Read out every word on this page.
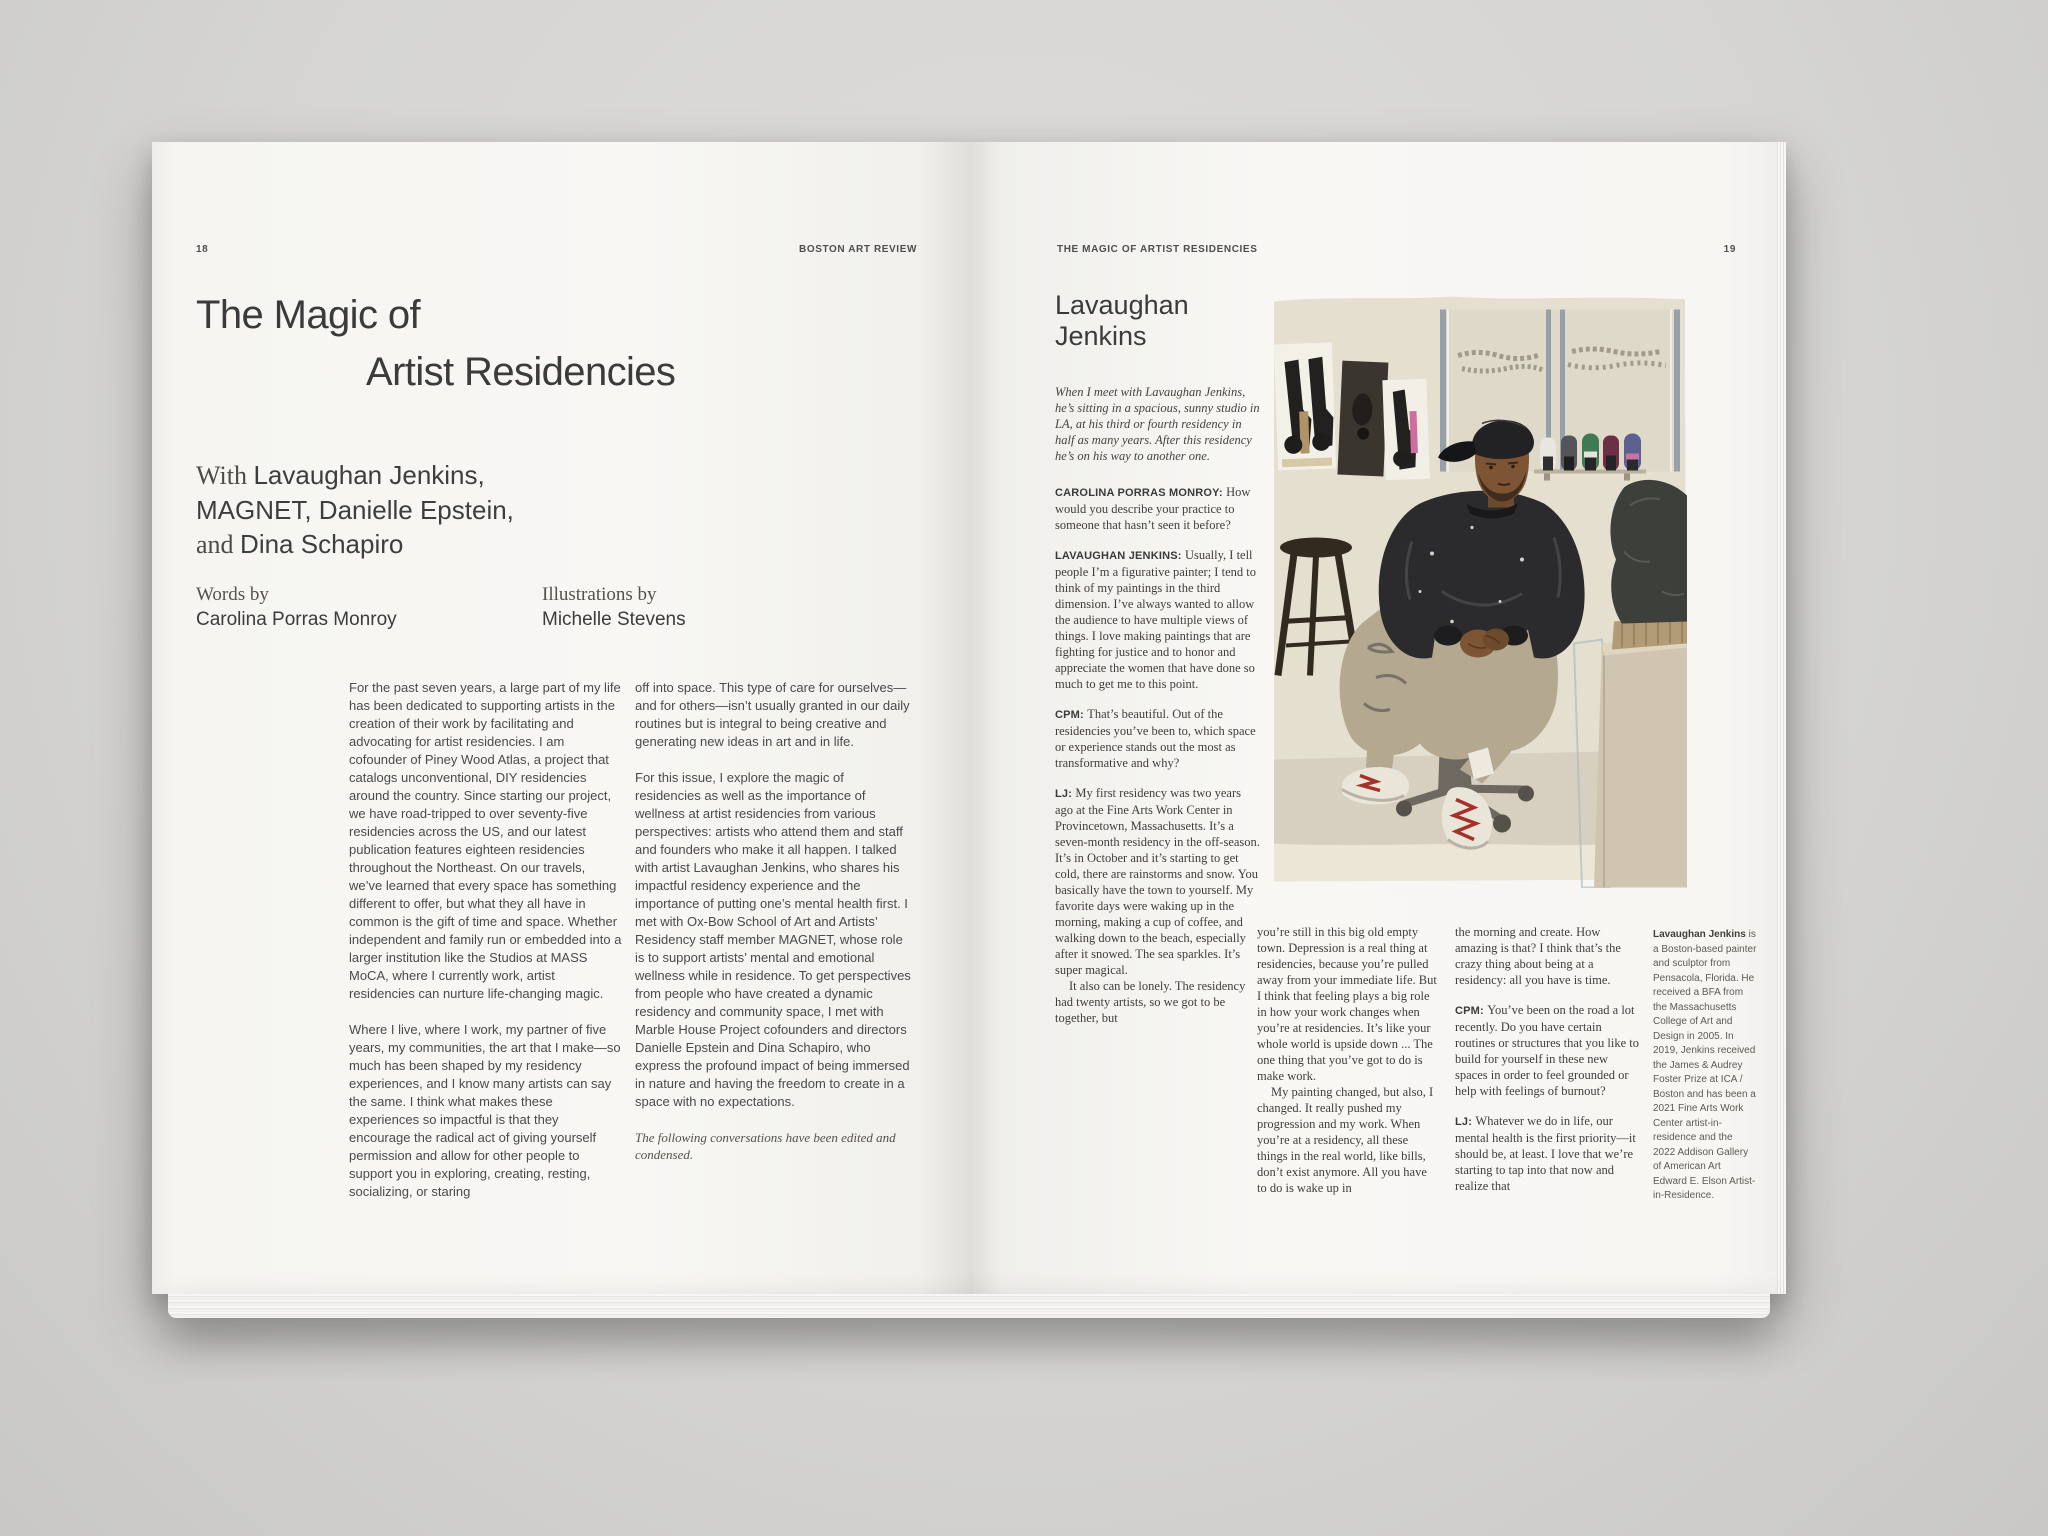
18	BOSTON ART REVIEW
The Magic of
Artist Residencies
With Lavaughan Jenkins,
MAGNET, Danielle Epstein,
and Dina Schapiro
Words by
Carolina Porras Monroy
Illustrations by
Michelle Stevens

For the past seven years, a large part of my life has been dedicated to supporting artists in the creation of their work by facilitating and advocating for artist residencies. I am cofounder of Piney Wood Atlas, a project that catalogs unconventional, DIY residencies around the country. Since starting our project, we have road-tripped to over seventy-five residencies across the US, and our latest publication features eighteen residencies throughout the Northeast. On our travels, we’ve learned that every space has something different to offer, but what they all have in common is the gift of time and space. Whether independent and family run or embedded into a larger institution like the Studios at MASS MoCA, where I currently work, artist residencies can nurture life-changing magic.

Where I live, where I work, my partner of five years, my communities, the art that I make—so much has been shaped by my residency experiences, and I know many artists can say the same. I think what makes these experiences so impactful is that they encourage the radical act of giving yourself permission and allow for other people to support you in exploring, creating, resting, socializing, or staring

off into space. This type of care for ourselves—and for others—isn’t usually granted in our daily routines but is integral to being creative and generating new ideas in art and in life.

For this issue, I explore the magic of residencies as well as the importance of wellness at artist residencies from various perspectives: artists who attend them and staff and founders who make it all happen. I talked with artist Lavaughan Jenkins, who shares his impactful residency experience and the importance of putting one’s mental health first. I met with Ox-Bow School of Art and Artists’ Residency staff member MAGNET, whose role is to support artists’ mental and emotional wellness while in residence. To get perspectives from people who have created a dynamic residency and community space, I met with Marble House Project cofounders and directors Danielle Epstein and Dina Schapiro, who express the profound impact of being immersed in nature and having the freedom to create in a space with no expectations.

The following conversations have been edited and condensed.

THE MAGIC OF ARTIST RESIDENCIES	19
Lavaughan
Jenkins

When I meet with Lavaughan Jenkins, he’s sitting in a spacious, sunny studio in LA, at his third or fourth residency in half as many years. After this residency he’s on his way to another one.

CAROLINA PORRAS MONROY: How would you describe your practice to someone that hasn’t seen it before?

LAVAUGHAN JENKINS: Usually, I tell people I’m a figurative painter; I tend to think of my paintings in the third dimension. I’ve always wanted to allow the audience to have multiple views of things. I love making paintings that are fighting for justice and to honor and appreciate the women that have done so much to get me to this point.

CPM: That’s beautiful. Out of the residencies you’ve been to, which space or experience stands out the most as transformative and why?

LJ: My first residency was two years ago at the Fine Arts Work Center in Provincetown, Massachusetts. It’s a seven-month residency in the off-season. It’s in October and it’s starting to get cold, there are rainstorms and snow. You basically have the town to yourself. My favorite days were waking up in the morning, making a cup of coffee, and walking down to the beach, especially after it snowed. The sea sparkles. It’s super magical.

It also can be lonely. The residency had twenty artists, so we got to be together, but

you’re still in this big old empty town. Depression is a real thing at residencies, because you’re pulled away from your immediate life. But I think that feeling plays a big role in how your work changes when you’re at residencies. It’s like your whole world is upside down ... The one thing that you’ve got to do is make work.

My painting changed, but also, I changed. It really pushed my progression and my work. When you’re at a residency, all these things in the real world, like bills, don’t exist anymore. All you have to do is wake up in

the morning and create. How amazing is that? I think that’s the crazy thing about being at a residency: all you have is time.

CPM: You’ve been on the road a lot recently. Do you have certain routines or structures that you like to build for yourself in these new spaces in order to feel grounded or help with feelings of burnout?

LJ: Whatever we do in life, our mental health is the first priority—it should be, at least. I love that we’re starting to tap into that now and realize that

Lavaughan Jenkins is a Boston-based painter and sculptor from Pensacola, Florida. He received a BFA from the Massachusetts College of Art and Design in 2005. In 2019, Jenkins received the James & Audrey Foster Prize at ICA / Boston and has been a 2021 Fine Arts Work Center artist-in-residence and the 2022 Addison Gallery of American Art Edward E. Elson Artist-in-Residence.
